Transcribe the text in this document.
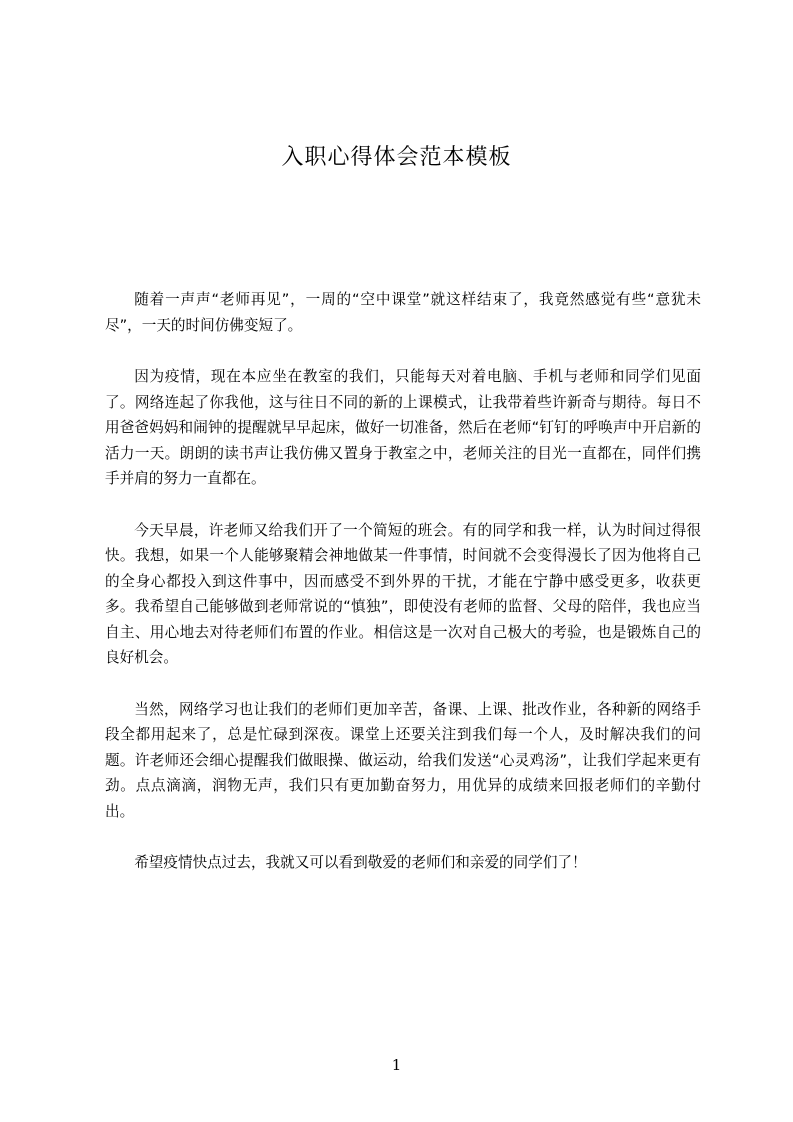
入职心得体会范本模板

随着一声声“老师再见”，一周的“空中课堂”就这样结束了，我竟然感觉有些“意犹未尽”，一天的时间仿佛变短了。

因为疫情，现在本应坐在教室的我们，只能每天对着电脑、手机与老师和同学们见面了。网络连起了你我他，这与往日不同的新的上课模式，让我带着些许新奇与期待。每日不用爸爸妈妈和闹钟的提醒就早早起床，做好一切准备，然后在老师“钉钉的呼唤声中开启新的活力一天。朗朗的读书声让我仿佛又置身于教室之中，老师关注的目光一直都在，同伴们携手并肩的努力一直都在。

今天早晨，许老师又给我们开了一个简短的班会。有的同学和我一样，认为时间过得很快。我想，如果一个人能够聚精会神地做某一件事情，时间就不会变得漫长了因为他将自己的全身心都投入到这件事中，因而感受不到外界的干扰，才能在宁静中感受更多，收获更多。我希望自己能够做到老师常说的“慎独”，即使没有老师的监督、父母的陪伴，我也应当自主、用心地去对待老师们布置的作业。相信这是一次对自己极大的考验，也是锻炼自己的良好机会。

当然，网络学习也让我们的老师们更加辛苦，备课、上课、批改作业，各种新的网络手段全都用起来了，总是忙碌到深夜。课堂上还要关注到我们每一个人，及时解决我们的问题。许老师还会细心提醒我们做眼操、做运动，给我们发送“心灵鸡汤”，让我们学起来更有劲。点点滴滴，润物无声，我们只有更加勤奋努力，用优异的成绩来回报老师们的辛勤付出。

希望疫情快点过去，我就又可以看到敬爱的老师们和亲爱的同学们了！

1
